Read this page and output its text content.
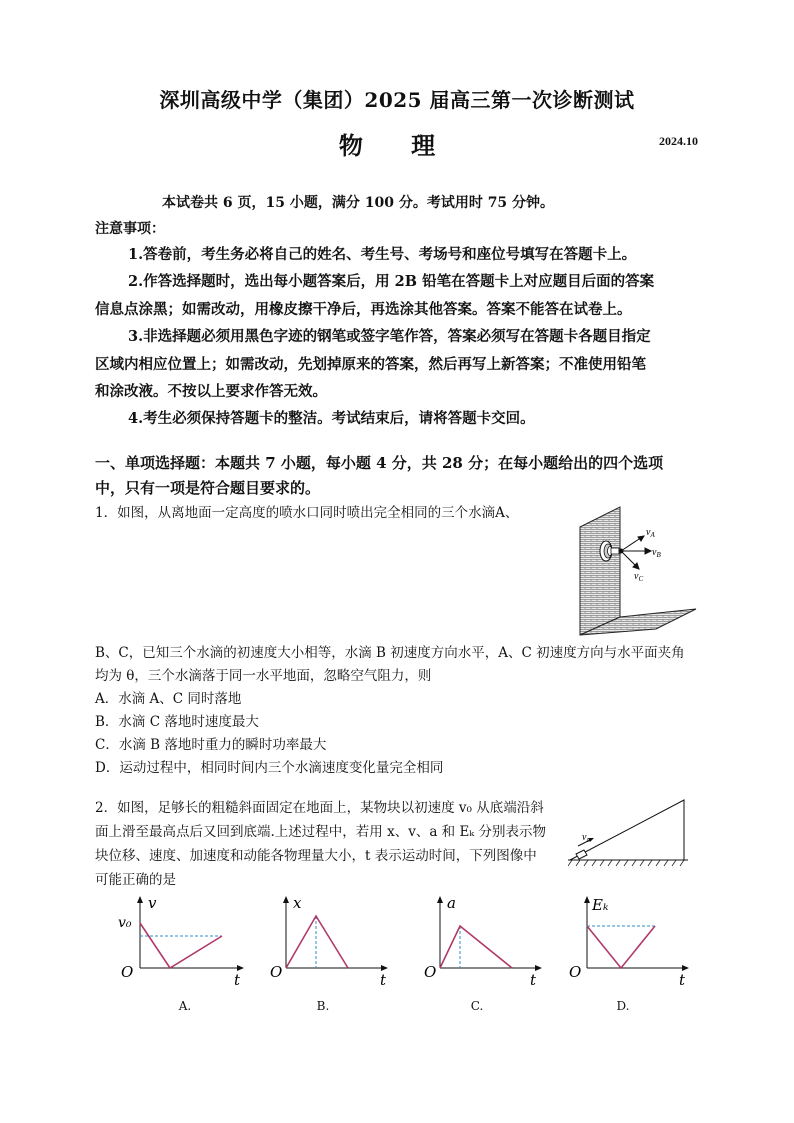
深圳高级中学（集团）2025 届高三第一次诊断测试
物 理	2024.10
本试卷共 6 页，15 小题，满分 100 分。考试用时 75 分钟。
注意事项：
1.答卷前，考生务必将自己的姓名、考生号、考场号和座位号填写在答题卡上。
2.作答选择题时，选出每小题答案后，用 2B 铅笔在答题卡上对应题目后面的答案
信息点涂黑；如需改动，用橡皮擦干净后，再选涂其他答案。答案不能答在试卷上。
3.非选择题必须用黑色字迹的钢笔或签字笔作答，答案必须写在答题卡各题目指定
区域内相应位置上；如需改动，先划掉原来的答案，然后再写上新答案；不准使用铅笔
和涂改液。不按以上要求作答无效。
4.考生必须保持答题卡的整洁。考试结束后，请将答题卡交回。
一、单项选择题：本题共 7 小题，每小题 4 分，共 28 分；在每小题给出的四个选项
中，只有一项是符合题目要求的。
1．如图，从离地面一定高度的喷水口同时喷出完全相同的三个水滴A、
$v_A$
$v_B$
$v_C$
B、C，已知三个水滴的初速度大小相等，水滴 B 初速度方向水平，A、C 初速度方向与水平面夹角
均为 θ，三个水滴落于同一水平地面，忽略空气阻力，则
A．水滴 A、C 同时落地
B．水滴 C 落地时速度最大
C．水滴 B 落地时重力的瞬时功率最大
D．运动过程中，相同时间内三个水滴速度变化量完全相同
2．如图，足够长的粗糙斜面固定在地面上，某物块以初速度 v₀ 从底端沿斜
面上滑至最高点后又回到底端.上述过程中，若用 x、v、a 和 Eₖ 分别表示物
块位移、速度、加速度和动能各物理量大小，t 表示运动时间，下列图像中
可能正确的是
v₀
v
v₀
O	t
A.
x
O	t
B.
a
O	t
C.
Eₖ
O	t
D.
